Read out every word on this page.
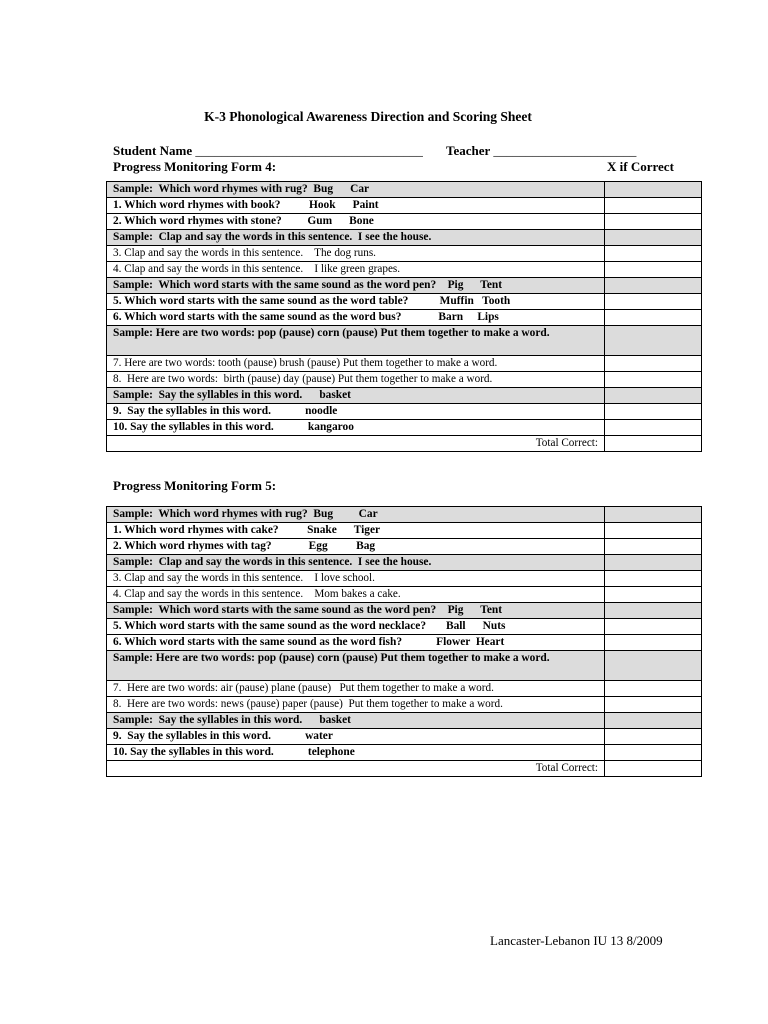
K-3 Phonological Awareness Direction and Scoring Sheet
Student Name ___________________________________ Teacher ______________________
Progress Monitoring Form 4:	X if Correct
Sample:  Which word rhymes with rug?  Bug      Car	
1. Which word rhymes with book?          Hook      Paint	
2. Which word rhymes with stone?         Gum      Bone	
Sample:  Clap and say the words in this sentence.  I see the house.	
3. Clap and say the words in this sentence.    The dog runs.	
4. Clap and say the words in this sentence.    I like green grapes.	
Sample:  Which word starts with the same sound as the word pen?    Pig      Tent	
5. Which word starts with the same sound as the word table?           Muffin   Tooth	
6. Which word starts with the same sound as the word bus?             Barn     Lips	
Sample: Here are two words: pop (pause) corn (pause) Put them together to make a word.	
7. Here are two words: tooth (pause) brush (pause) Put them together to make a word.	
8.  Here are two words:  birth (pause) day (pause) Put them together to make a word.	
Sample:  Say the syllables in this word.      basket	
9.  Say the syllables in this word.            noodle	
10. Say the syllables in this word.            kangaroo	
Total Correct:	
Progress Monitoring Form 5:
Sample:  Which word rhymes with rug?  Bug         Car	
1. Which word rhymes with cake?          Snake      Tiger	
2. Which word rhymes with tag?             Egg          Bag	
Sample:  Clap and say the words in this sentence.  I see the house.	
3. Clap and say the words in this sentence.    I love school.	
4. Clap and say the words in this sentence.    Mom bakes a cake.	
Sample:  Which word starts with the same sound as the word pen?    Pig      Tent	
5. Which word starts with the same sound as the word necklace?       Ball      Nuts	
6. Which word starts with the same sound as the word fish?            Flower  Heart	
Sample: Here are two words: pop (pause) corn (pause) Put them together to make a word.	
7.  Here are two words: air (pause) plane (pause)   Put them together to make a word.	
8.  Here are two words: news (pause) paper (pause)  Put them together to make a word.	
Sample:  Say the syllables in this word.      basket	
9.  Say the syllables in this word.            water	
10. Say the syllables in this word.            telephone	
Total Correct:	
Lancaster-Lebanon IU 13 8/2009
